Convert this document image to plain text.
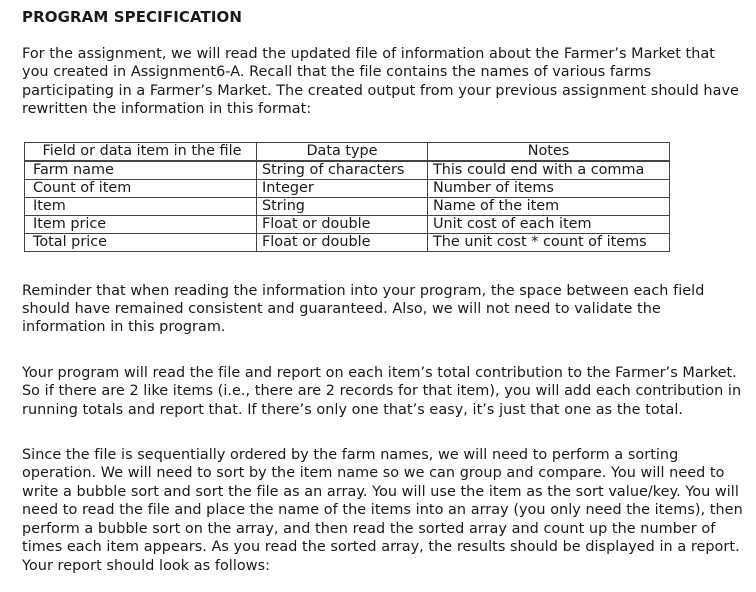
PROGRAM SPECIFICATION

For the assignment, we will read the updated file of information about the Farmer’s Market that you created in Assignment6-A. Recall that the file contains the names of various farms participating in a Farmer’s Market. The created output from your previous assignment should have rewritten the information in this format:

Field or data item in the file	Data type	Notes
Farm name	String of characters	This could end with a comma
Count of item	Integer	Number of items
Item	String	Name of the item
Item price	Float or double	Unit cost of each item
Total price	Float or double	The unit cost * count of items

Reminder that when reading the information into your program, the space between each field should have remained consistent and guaranteed. Also, we will not need to validate the information in this program.

Your program will read the file and report on each item’s total contribution to the Farmer’s Market. So if there are 2 like items (i.e., there are 2 records for that item), you will add each contribution in running totals and report that. If there’s only one that’s easy, it’s just that one as the total.

Since the file is sequentially ordered by the farm names, we will need to perform a sorting operation. We will need to sort by the item name so we can group and compare. You will need to write a bubble sort and sort the file as an array. You will use the item as the sort value/key. You will need to read the file and place the name of the items into an array (you only need the items), then perform a bubble sort on the array, and then read the sorted array and count up the number of times each item appears. As you read the sorted array, the results should be displayed in a report. Your report should look as follows:
